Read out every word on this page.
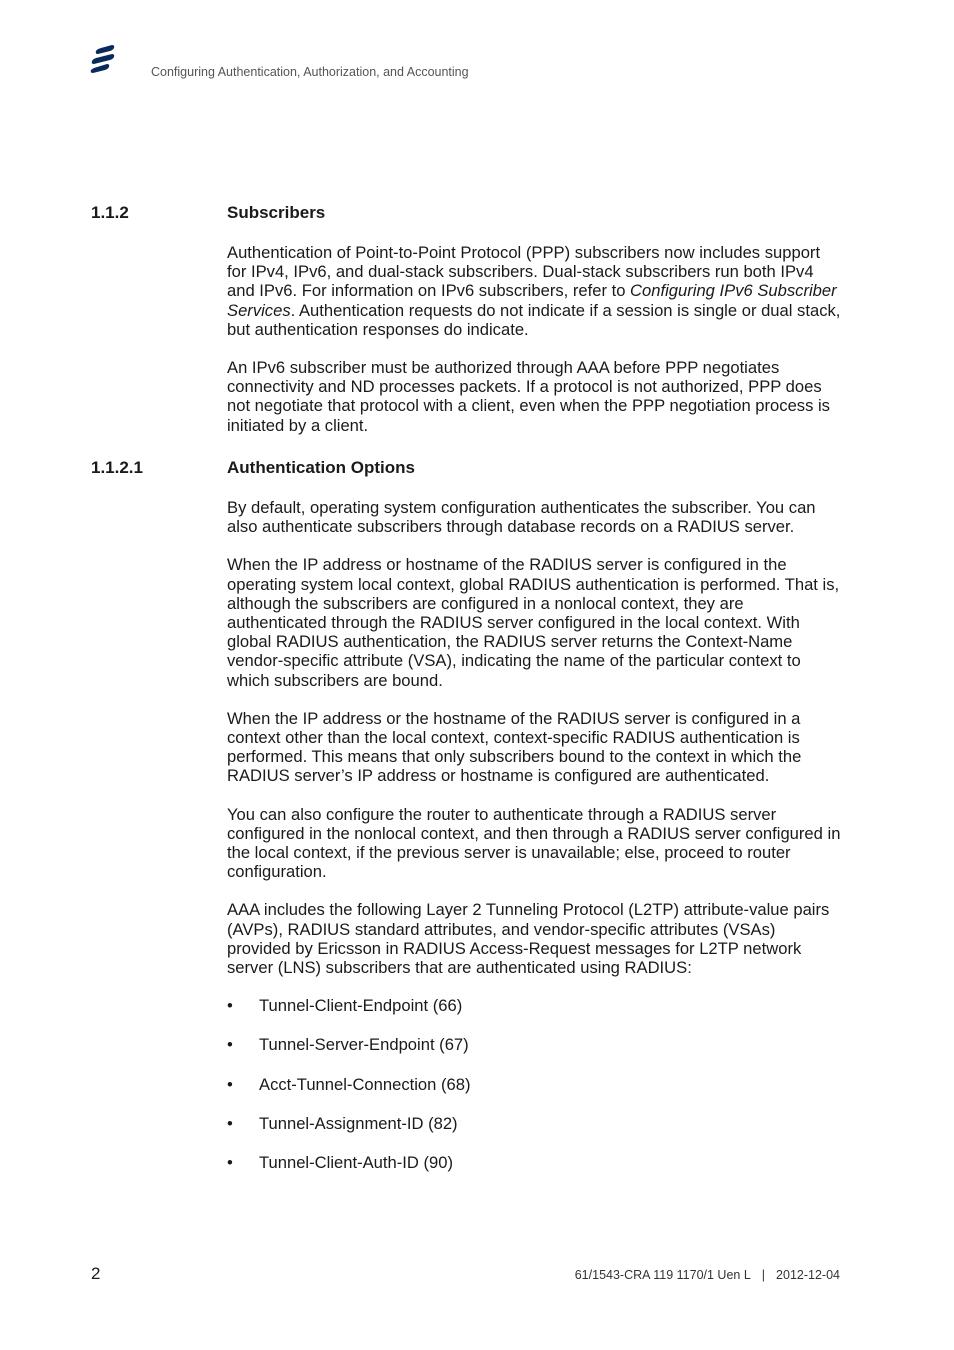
Configuring Authentication, Authorization, and Accounting
1.1.2	Subscribers

Authentication of Point-to-Point Protocol (PPP) subscribers now includes support for IPv4, IPv6, and dual-stack subscribers. Dual-stack subscribers run both IPv4 and IPv6. For information on IPv6 subscribers, refer to Configuring IPv6 Subscriber Services. Authentication requests do not indicate if a session is single or dual stack, but authentication responses do indicate.

An IPv6 subscriber must be authorized through AAA before PPP negotiates connectivity and ND processes packets. If a protocol is not authorized, PPP does not negotiate that protocol with a client, even when the PPP negotiation process is initiated by a client.

1.1.2.1	Authentication Options

By default, operating system configuration authenticates the subscriber. You can also authenticate subscribers through database records on a RADIUS server.

When the IP address or hostname of the RADIUS server is configured in the operating system local context, global RADIUS authentication is performed. That is, although the subscribers are configured in a nonlocal context, they are authenticated through the RADIUS server configured in the local context. With global RADIUS authentication, the RADIUS server returns the Context-Name vendor-specific attribute (VSA), indicating the name of the particular context to which subscribers are bound.

When the IP address or the hostname of the RADIUS server is configured in a context other than the local context, context-specific RADIUS authentication is performed. This means that only subscribers bound to the context in which the RADIUS server’s IP address or hostname is configured are authenticated.

You can also configure the router to authenticate through a RADIUS server configured in the nonlocal context, and then through a RADIUS server configured in the local context, if the previous server is unavailable; else, proceed to router configuration.

AAA includes the following Layer 2 Tunneling Protocol (L2TP) attribute-value pairs (AVPs), RADIUS standard attributes, and vendor-specific attributes (VSAs) provided by Ericsson in RADIUS Access-Request messages for L2TP network server (LNS) subscribers that are authenticated using RADIUS:

• Tunnel-Client-Endpoint (66)
• Tunnel-Server-Endpoint (67)
• Acct-Tunnel-Connection (68)
• Tunnel-Assignment-ID (82)
• Tunnel-Client-Auth-ID (90)
2	61/1543-CRA 119 1170/1 Uen L | 2012-12-04
